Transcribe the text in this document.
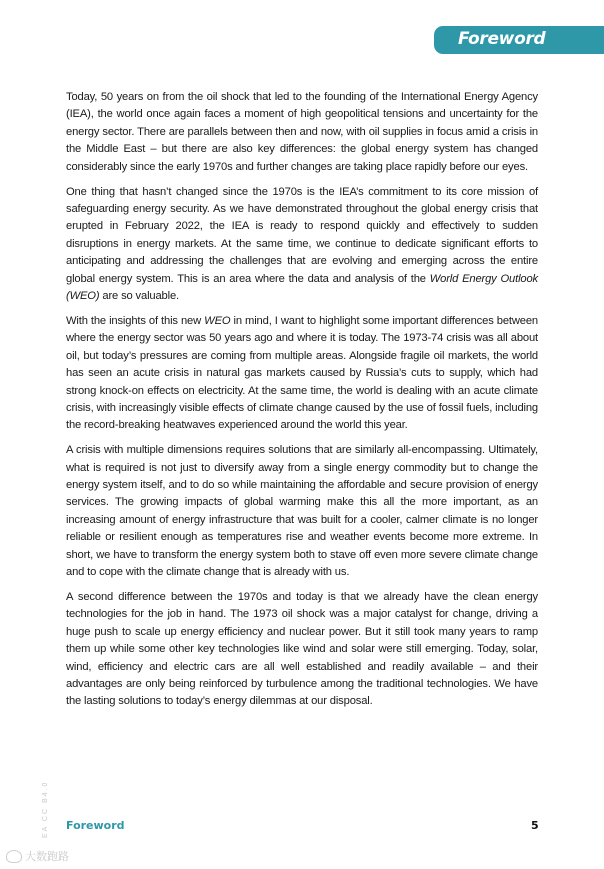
Foreword

Today, 50 years on from the oil shock that led to the founding of the International Energy Agency (IEA), the world once again faces a moment of high geopolitical tensions and uncertainty for the energy sector. There are parallels between then and now, with oil supplies in focus amid a crisis in the Middle East – but there are also key differences: the global energy system has changed considerably since the early 1970s and further changes are taking place rapidly before our eyes.

One thing that hasn’t changed since the 1970s is the IEA’s commitment to its core mission of safeguarding energy security. As we have demonstrated throughout the global energy crisis that erupted in February 2022, the IEA is ready to respond quickly and effectively to sudden disruptions in energy markets. At the same time, we continue to dedicate significant efforts to anticipating and addressing the challenges that are evolving and emerging across the entire global energy system. This is an area where the data and analysis of the World Energy Outlook (WEO) are so valuable.

With the insights of this new WEO in mind, I want to highlight some important differences between where the energy sector was 50 years ago and where it is today. The 1973-74 crisis was all about oil, but today’s pressures are coming from multiple areas. Alongside fragile oil markets, the world has seen an acute crisis in natural gas markets caused by Russia’s cuts to supply, which had strong knock-on effects on electricity. At the same time, the world is dealing with an acute climate crisis, with increasingly visible effects of climate change caused by the use of fossil fuels, including the record-breaking heatwaves experienced around the world this year.

A crisis with multiple dimensions requires solutions that are similarly all-encompassing. Ultimately, what is required is not just to diversify away from a single energy commodity but to change the energy system itself, and to do so while maintaining the affordable and secure provision of energy services. The growing impacts of global warming make this all the more important, as an increasing amount of energy infrastructure that was built for a cooler, calmer climate is no longer reliable or resilient enough as temperatures rise and weather events become more extreme. In short, we have to transform the energy system both to stave off even more severe climate change and to cope with the climate change that is already with us.

A second difference between the 1970s and today is that we already have the clean energy technologies for the job in hand. The 1973 oil shock was a major catalyst for change, driving a huge push to scale up energy efficiency and nuclear power. But it still took many years to ramp them up while some other key technologies like wind and solar were still emerging. Today, solar, wind, efficiency and electric cars are all well established and readily available – and their advantages are only being reinforced by turbulence among the traditional technologies. We have the lasting solutions to today’s energy dilemmas at our disposal.

EA CC B4.0 Foreword	5
大数跑路
